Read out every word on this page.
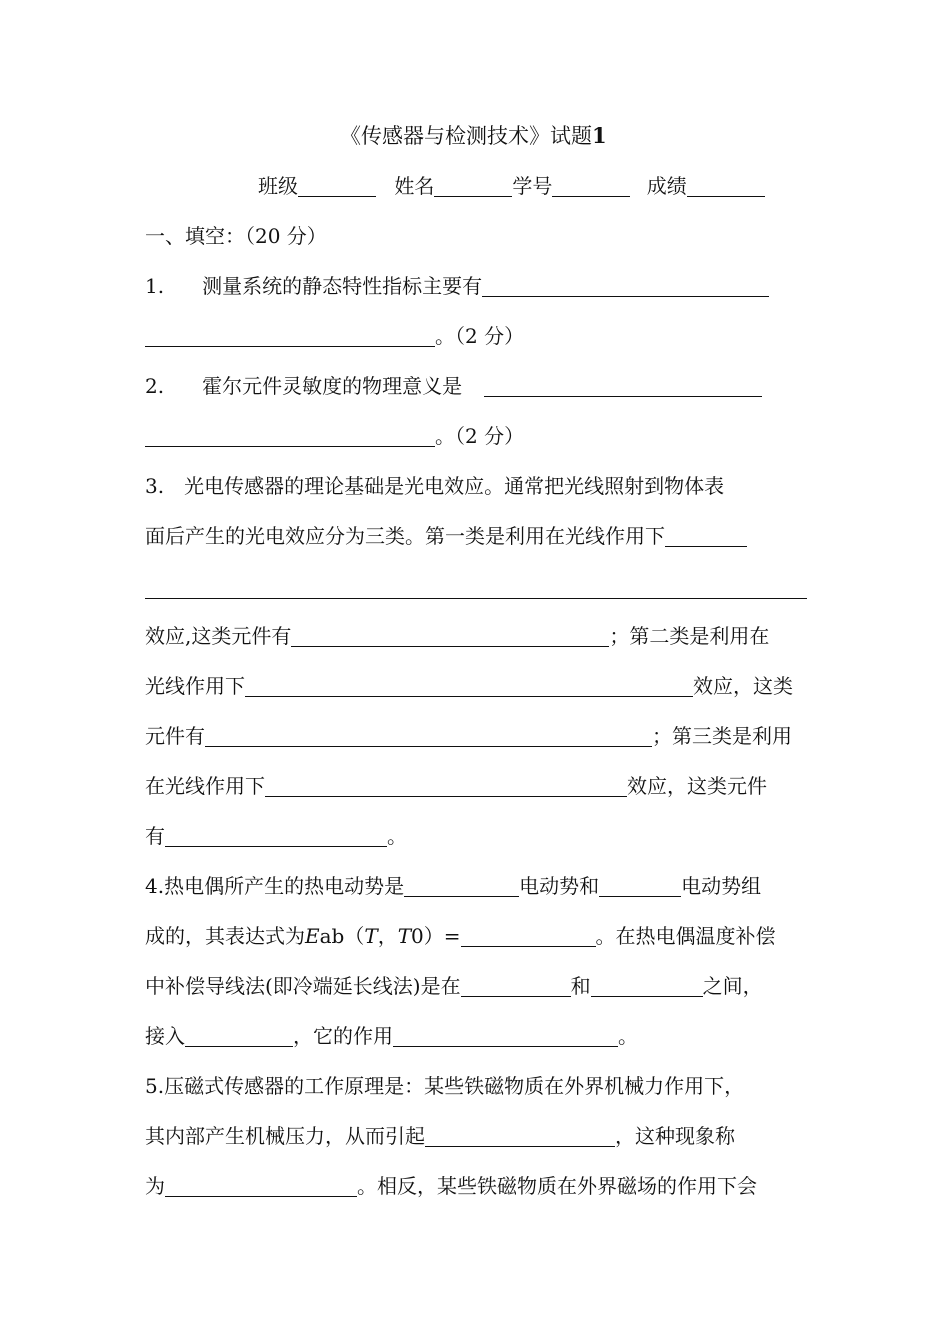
《传感器与检测技术》试题1
班级	姓名	学号	成绩
一、填空：（20 分）
1. 测量系统的静态特性指标主要有
。（2 分）
2. 霍尔元件灵敏度的物理意义是
。（2 分）
3.　光电传感器的理论基础是光电效应。通常把光线照射到物体表
面后产生的光电效应分为三类。第一类是利用在光线作用下
效应,这类元件有	；第二类是利用在
光线作用下	效应，这类
元件有	；第三类是利用
在光线作用下	效应，这类元件
有	。
4.热电偶所产生的热电动势是	电动势和	电动势组
成的，其表达式为Eab（T，T0）=	。在热电偶温度补偿
中补偿导线法(即冷端延长线法)是在	和	之间，
接入	，它的作用	。
5.压磁式传感器的工作原理是：某些铁磁物质在外界机械力作用下，
其内部产生机械压力，从而引起	，这种现象称
为	。相反，某些铁磁物质在外界磁场的作用下会
